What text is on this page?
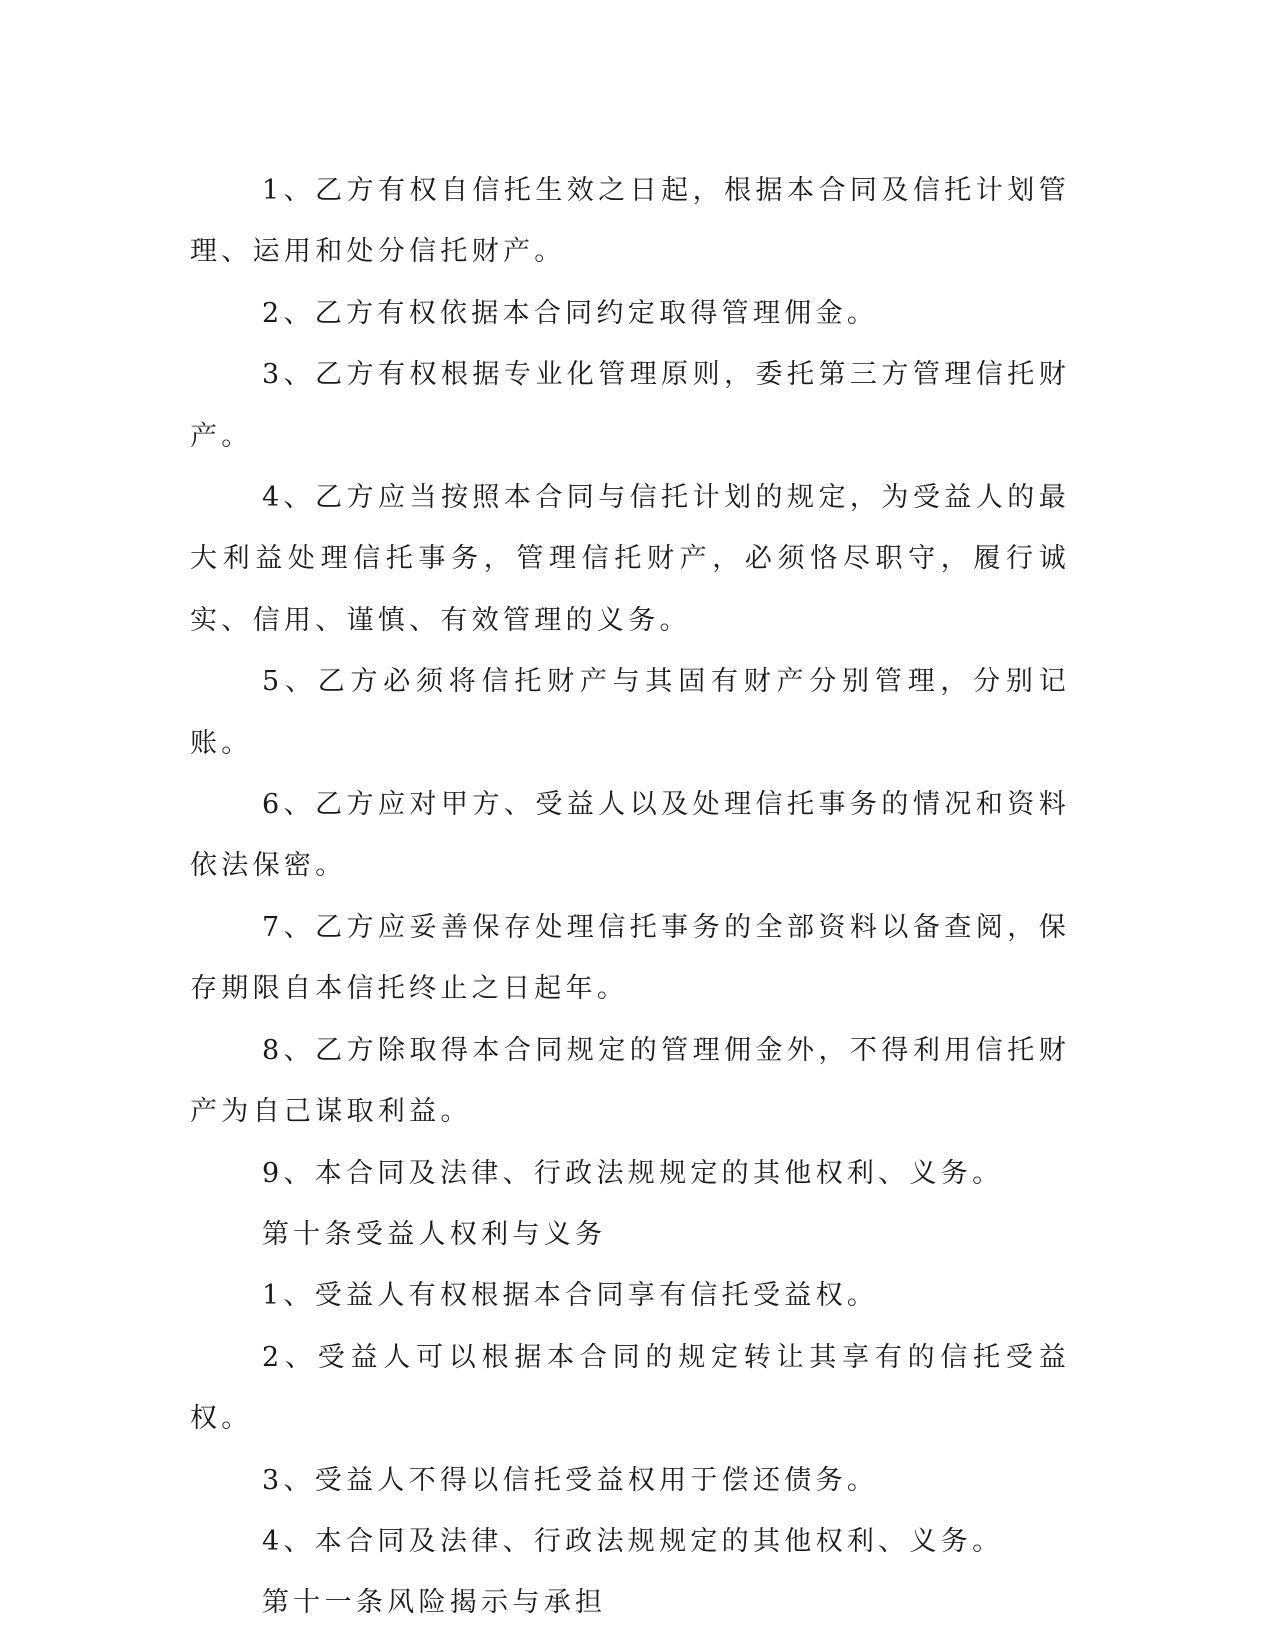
1、乙方有权自信托生效之日起，根据本合同及信托计划管理、运用和处分信托财产。

2、乙方有权依据本合同约定取得管理佣金。

3、乙方有权根据专业化管理原则，委托第三方管理信托财产。

4、乙方应当按照本合同与信托计划的规定，为受益人的最大利益处理信托事务，管理信托财产，必须恪尽职守，履行诚实、信用、谨慎、有效管理的义务。

5、乙方必须将信托财产与其固有财产分别管理，分别记账。

6、乙方应对甲方、受益人以及处理信托事务的情况和资料依法保密。

7、乙方应妥善保存处理信托事务的全部资料以备查阅，保存期限自本信托终止之日起年。

8、乙方除取得本合同规定的管理佣金外，不得利用信托财产为自己谋取利益。

9、本合同及法律、行政法规规定的其他权利、义务。

第十条受益人权利与义务

1、受益人有权根据本合同享有信托受益权。

2、受益人可以根据本合同的规定转让其享有的信托受益权。

3、受益人不得以信托受益权用于偿还债务。

4、本合同及法律、行政法规规定的其他权利、义务。

第十一条风险揭示与承担
